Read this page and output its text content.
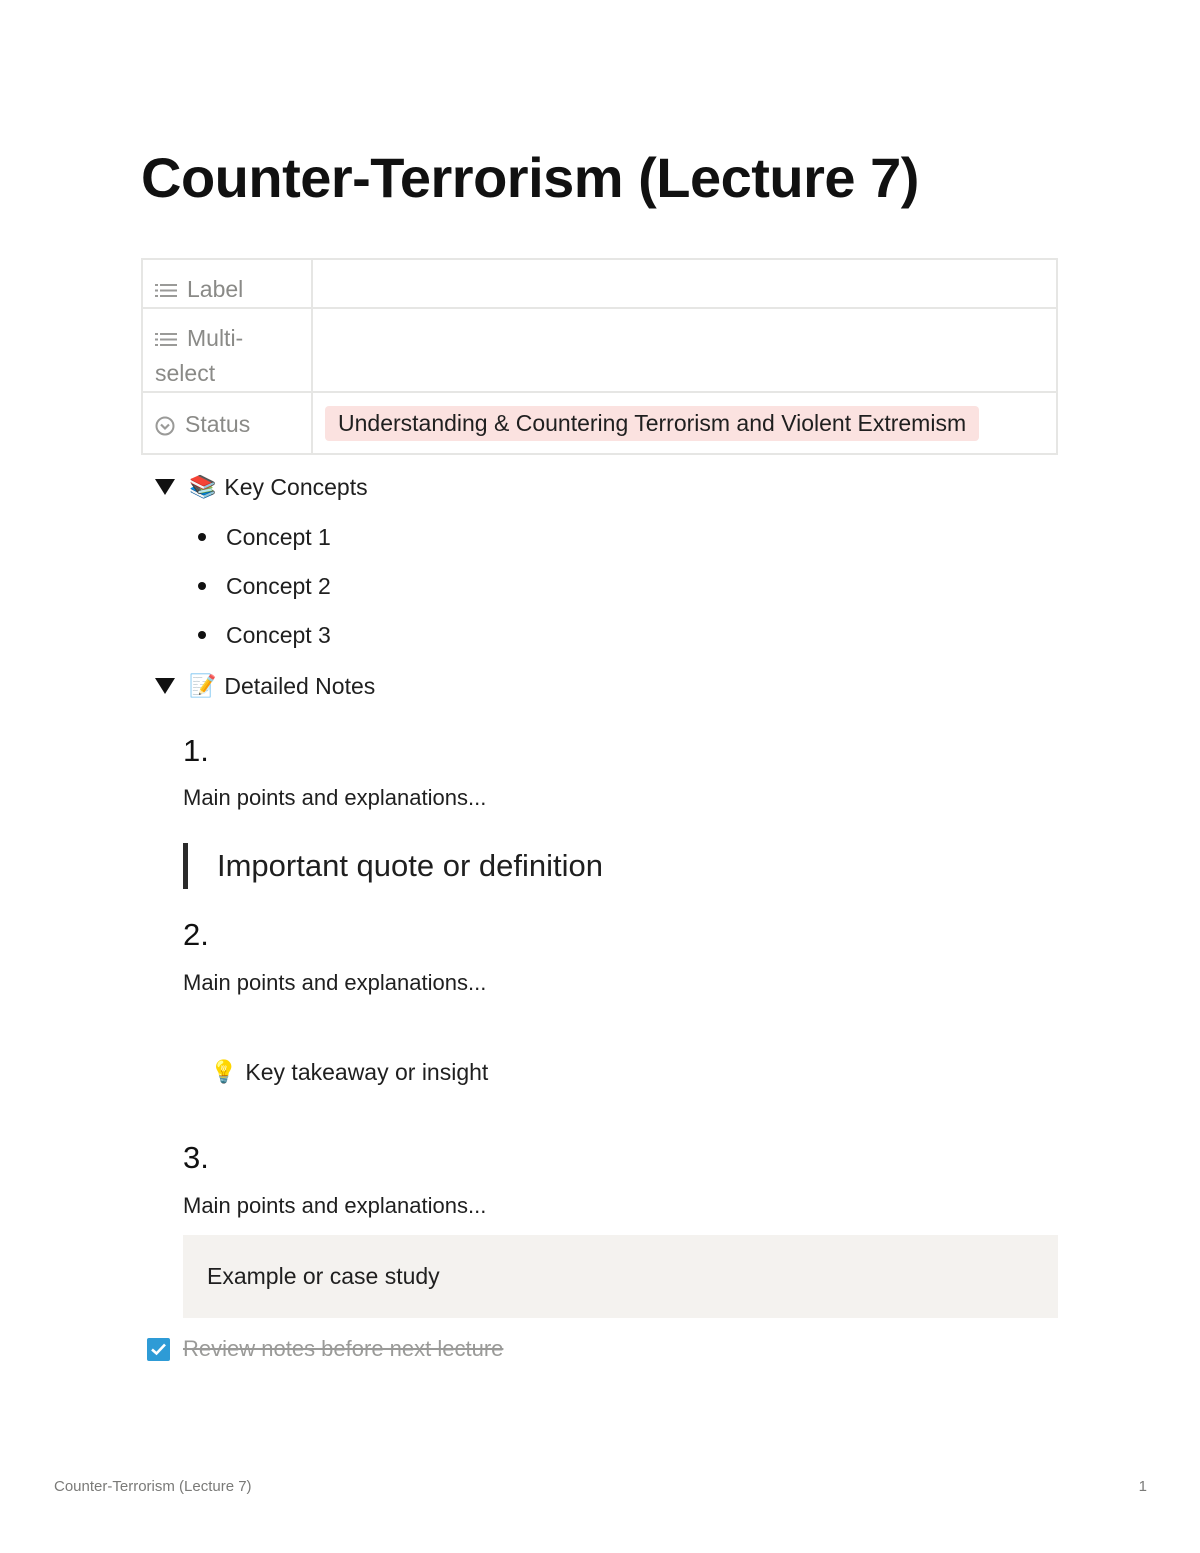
Counter-Terrorism (Lecture 7)
Label	

Multi-select	

Status	Understanding & Countering Terrorism and Violent Extremism
📚 Key Concepts
Concept 1
Concept 2
Concept 3
📝 Detailed Notes
1.

Main points and explanations...

Important quote or definition
2.

Main points and explanations...

💡 Key takeaway or insight
3.

Main points and explanations...

Example or case study
Review notes before next lecture
Counter-Terrorism (Lecture 7)	1
